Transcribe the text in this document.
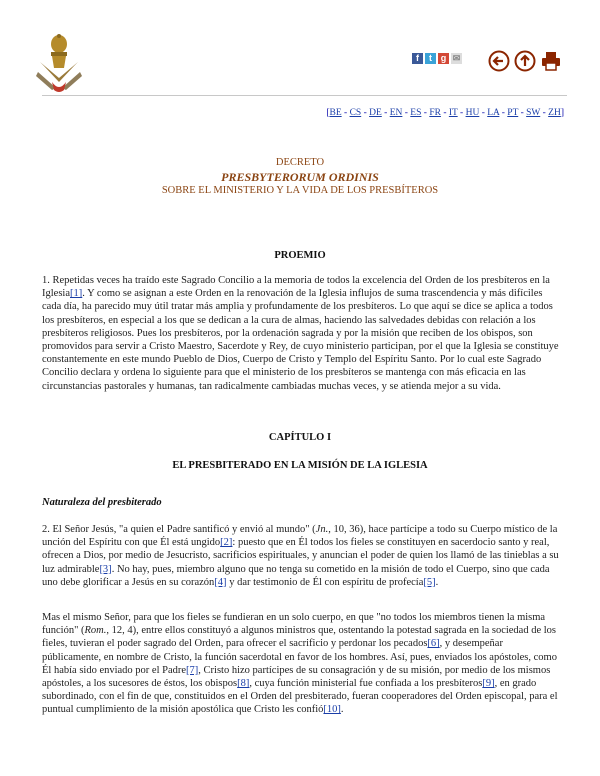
f	t g ✉
[BE - CS - DE - EN - ES - FR - IT - HU - LA - PT - SW - ZH]
DECRETO
PRESBYTERORUM ORDINIS
SOBRE EL MINISTERIO Y LA VIDA DE LOS PRESBÍTEROS
PROEMIO
1. Repetidas veces ha traído este Sagrado Concilio a la memoria de todos la excelencia del Orden de los presbíteros en la Iglesia[1]. Y como se asignan a este Orden en la renovación de la Iglesia influjos de suma trascendencia y más difíciles cada día, ha parecido muy útil tratar más amplia y profundamente de los presbíteros. Lo que aquí se dice se aplica a todos los presbíteros, en especial a los que se dedican a la cura de almas, haciendo las salvedades debidas con relación a los presbíteros religiosos. Pues los presbíteros, por la ordenación sagrada y por la misión que reciben de los obispos, son promovidos para servir a Cristo Maestro, Sacerdote y Rey, de cuyo ministerio participan, por el que la Iglesia se constituye constantemente en este mundo Pueblo de Dios, Cuerpo de Cristo y Templo del Espíritu Santo. Por lo cual este Sagrado Concilio declara y ordena lo siguiente para que el ministerio de los presbíteros se mantenga con más eficacia en las circunstancias pastorales y humanas, tan radicalmente cambiadas muchas veces, y se atienda mejor a su vida.
CAPÍTULO I
EL PRESBITERADO EN LA MISIÓN DE LA IGLESIA
Naturaleza del presbiterado
2. El Señor Jesús, "a quien el Padre santificó y envió al mundo" (Jn., 10, 36), hace partícipe a todo su Cuerpo místico de la unción del Espíritu con que Él está ungido[2]: puesto que en Él todos los fieles se constituyen en sacerdocio santo y real, ofrecen a Dios, por medio de Jesucristo, sacrificios espirituales, y anuncian el poder de quien los llamó de las tinieblas a su luz admirable[3]. No hay, pues, miembro alguno que no tenga su cometido en la misión de todo el Cuerpo, sino que cada uno debe glorificar a Jesús en su corazón[4] y dar testimonio de Él con espíritu de profecía[5].
Mas el mismo Señor, para que los fieles se fundieran en un solo cuerpo, en que "no todos los miembros tienen la misma función" (Rom., 12, 4), entre ellos constituyó a algunos ministros que, ostentando la potestad sagrada en la sociedad de los fieles, tuvieran el poder sagrado del Orden, para ofrecer el sacrificio y perdonar los pecados[6], y desempeñar públicamente, en nombre de Cristo, la función sacerdotal en favor de los hombres. Así, pues, enviados los apóstoles, como Él había sido enviado por el Padre[7], Cristo hizo partícipes de su consagración y de su misión, por medio de los mismos apóstoles, a los sucesores de éstos, los obispos[8], cuya función ministerial fue confiada a los presbíteros[9], en grado subordinado, con el fin de que, constituidos en el Orden del presbiterado, fueran cooperadores del Orden episcopal, para el puntual cumplimiento de la misión apostólica que Cristo les confió[10].
